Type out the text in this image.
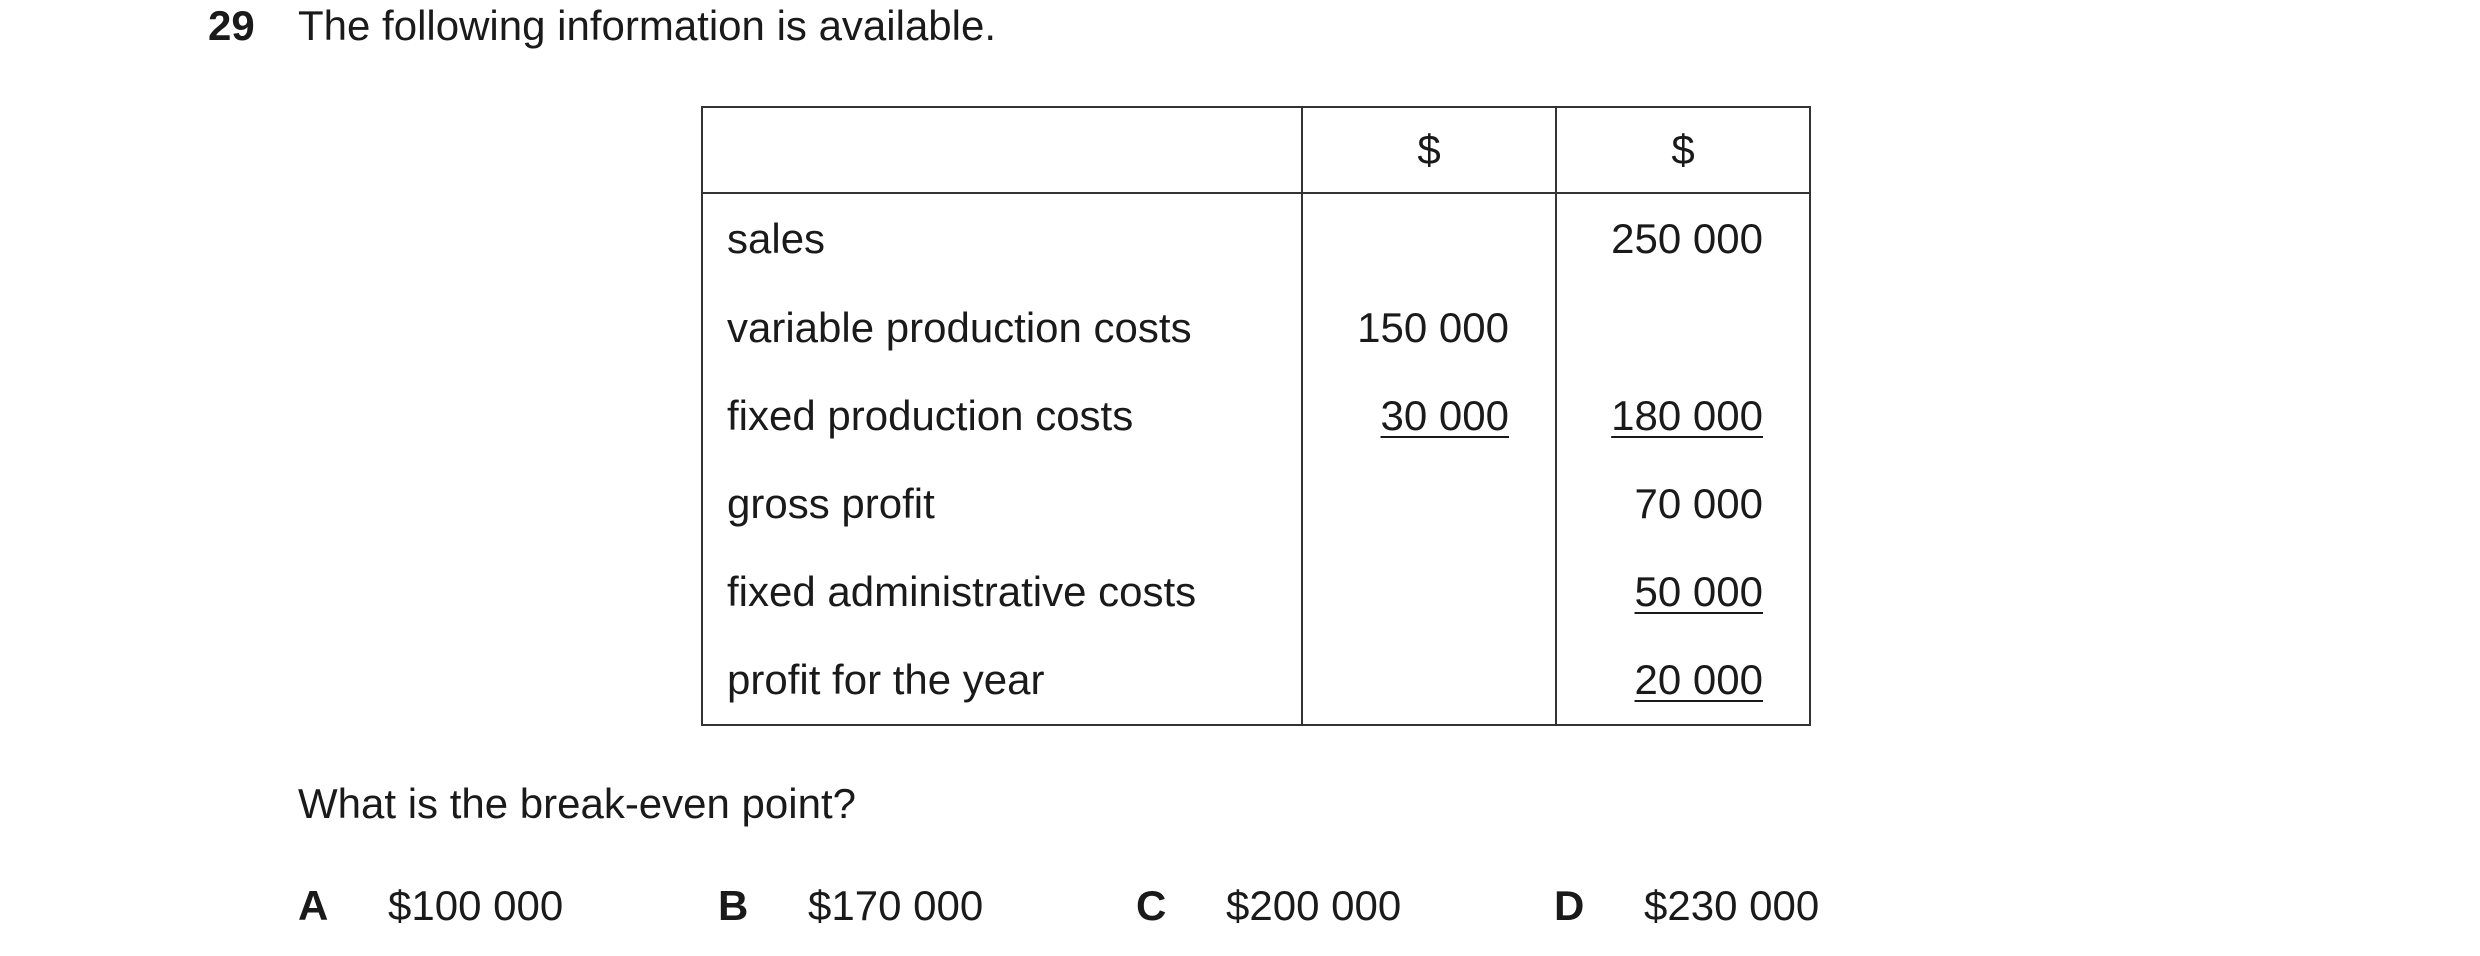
29 The following information is available.
	$	$
sales		250 000
variable production costs	150 000	
fixed production costs	30 000	180 000
gross profit		70 000
fixed administrative costs		50 000
profit for the year		20 000
What is the break-even point?
A	$100 000	B	$170 000	C	$200 000	D	$230 000
